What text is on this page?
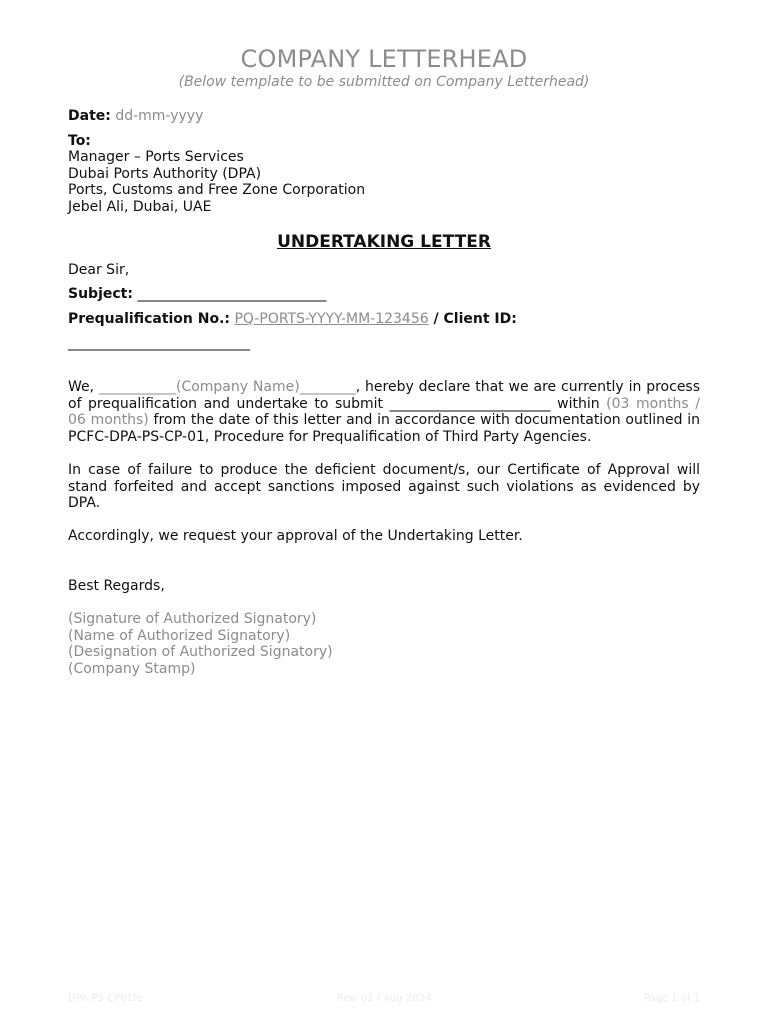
COMPANY LETTERHEAD
(Below template to be submitted on Company Letterhead)
Date: dd-mm-yyyy
To:
Manager – Ports Services
Dubai Ports Authority (DPA)
Ports, Customs and Free Zone Corporation
Jebel Ali, Dubai, UAE
UNDERTAKING LETTER
Dear Sir,
Subject: ___________________________
Prequalification No.: PQ-PORTS-YYYY-MM-123456 / Client ID:
__________________________
We, ___________(Company Name)________, hereby declare that we are currently in process of prequalification and undertake to submit _______________________ within (03 months / 06 months) from the date of this letter and in accordance with documentation outlined in PCFC-DPA-PS-CP-01, Procedure for Prequalification of Third Party Agencies.
In case of failure to produce the deficient document/s, our Certificate of Approval will stand forfeited and accept sanctions imposed against such violations as evidenced by DPA.
Accordingly, we request your approval of the Undertaking Letter.
Best Regards,
(Signature of Authorized Signatory)
(Name of Authorized Signatory)
(Designation of Authorized Signatory)
(Company Stamp)
DPA-PS-CP01fe	Rev. 01 / Aug 2024	Page 1 of 1
